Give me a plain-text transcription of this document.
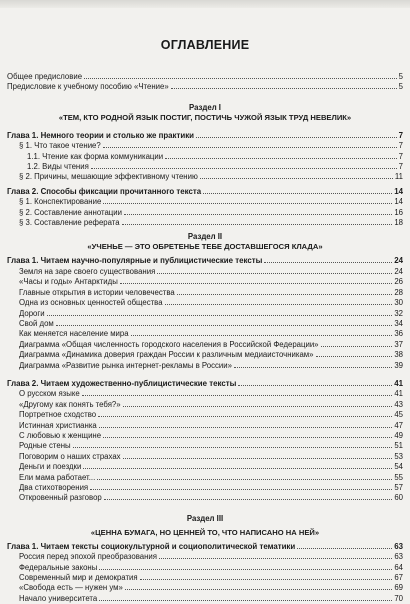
ОГЛАВЛЕНИЕ
Общее предисловие	5
Предисловие к учебному пособию «Чтение»	5
Раздел I
«ТЕМ, КТО РОДНОЙ ЯЗЫК ПОСТИГ, ПОСТИЧЬ ЧУЖОЙ ЯЗЫК ТРУД НЕВЕЛИК»
Глава 1. Немного теории и столько же практики	7
§ 1. Что такое чтение?	7
1.1. Чтение как форма коммуникации	7
1.2. Виды чтения	7
§ 2. Причины, мешающие эффективному чтению	11
Глава 2. Способы фиксации прочитанного текста	14
§ 1. Конспектирование	14
§ 2. Составление аннотации	16
§ 3. Составление реферата	18
Раздел II
«УЧЕНЬЕ — ЭТО ОБРЕТЕНЬЕ ТЕБЕ ДОСТАВШЕГОСЯ КЛАДА»
Глава 1. Читаем научно-популярные и публицистические тексты	24
Земля на заре своего существования	24
«Часы и годы» Антарктиды	26
Главные открытия в истории человечества	28
Одна из основных ценностей общества	30
Дороги	32
Свой дом	34
Как меняется население мира	36
Диаграмма «Общая численность городского населения в Российской Федерации»	37
Диаграмма «Динамика доверия граждан России к различным медиаисточникам»	38
Диаграмма «Развитие рынка интернет-рекламы в России»	39
Глава 2. Читаем художественно-публицистические тексты	41
О русском языке	41
«Другому как понять тебя?»	43
Портретное сходство	45
Истинная христианка	47
С любовью к женщине	49
Родные стены	51
Поговорим о наших страхах	53
Деньги и поездки	54
Ели мама работает...	55
Два стихотворения	57
Откровенный разговор	60
Раздел III
«ЦЕННА БУМАГА, НО ЦЕННЕЙ ТО, ЧТО НАПИСАНО НА НЕЙ»
Глава 1. Читаем тексты социокультурной и социополитической тематики	63
Россия перед эпохой преобразования	63
Федеральные законы	64
Современный мир и демократия	67
«Свобода есть — нужен ум»	69
Начало университета	70
